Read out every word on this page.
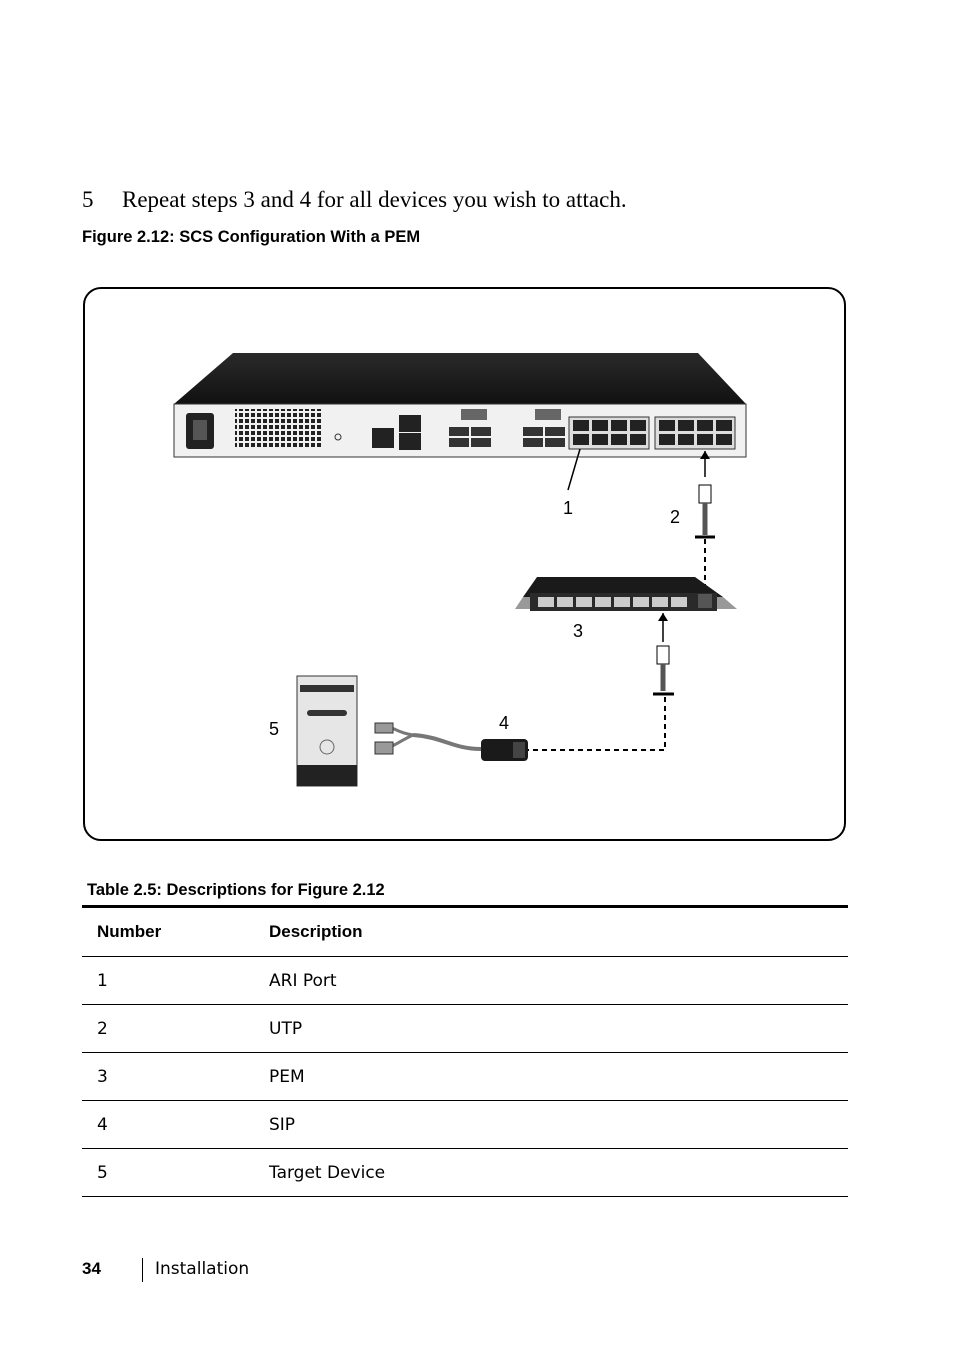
5 Repeat steps 3 and 4 for all devices you wish to attach.
Figure 2.12: SCS Configuration With a PEM
1	2
3
4
5
Table 2.5: Descriptions for Figure 2.12
Number	Description
1	ARI Port
2	UTP
3	PEM
4	SIP
5	Target Device
34	Installation
